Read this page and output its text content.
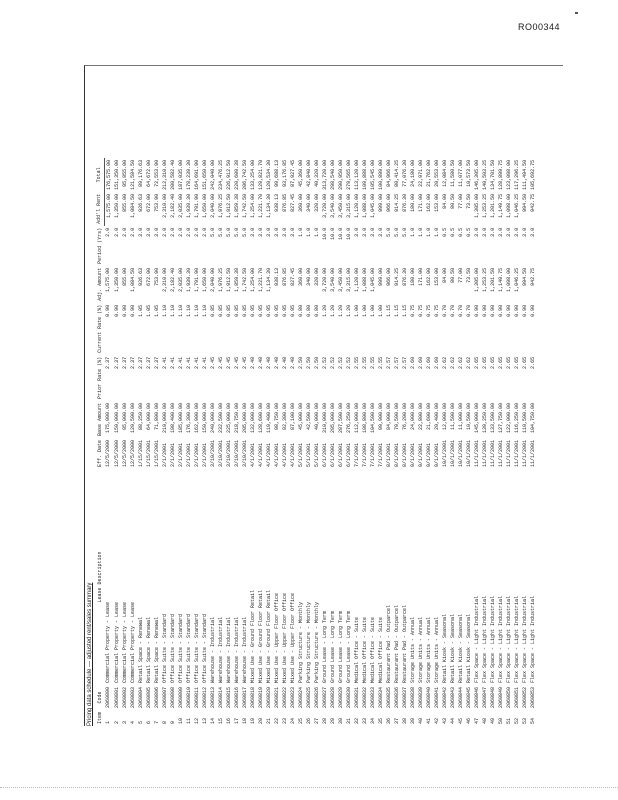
RO00344
Pricing data schedule — adjusted rent/sales summary Item	Code	Lease Description	Eff. Date	Base Amount	Prior Rate (%)	Current Rate (%)	Adj. Amount	Period (Yrs)	Add'l Rent	Total
1	2060800	Commercial Property - Lease	12/5/2000	175,000.00	2.37	0.90	1,575.00	2.0	1,575.00	176,575.00
2	2060801	Commercial Property - Lease	12/5/2000	150,000.00	2.37	0.90	1,350.00	2.0	1,350.00	151,350.00
3	2060802	Commercial Property - Lease	12/5/2000	95,000.00	2.37	0.90	855.00	2.0	855.00	95,855.00
4	2060803	Commercial Property - Lease	12/5/2000	120,500.00	2.37	0.90	1,084.50	2.0	1,084.50	121,584.50
5	2060804	Retail Space - Renewal	1/15/2001	88,250.00	2.37	1.05	926.63	3.0	926.63	89,176.63
6	2060805	Retail Space - Renewal	1/15/2001	64,000.00	2.37	1.05	672.00	3.0	672.00	64,672.00
7	2060806	Retail Space - Renewal	1/15/2001	71,800.00	2.37	1.05	753.90	3.0	753.90	72,553.90
8	2060807	Office Suite - Standard	2/1/2001	210,000.00	2.41	1.10	2,310.00	2.0	2,310.00	212,310.00
9	2060808	Office Suite - Standard	2/1/2001	198,400.00	2.41	1.10	2,182.40	2.0	2,182.40	200,582.40
10	2060809	Office Suite - Standard	2/1/2001	185,000.00	2.41	1.10	2,035.00	2.0	2,035.00	187,035.00
11	2060810	Office Suite - Standard	2/1/2001	176,300.00	2.41	1.10	1,939.30	2.0	1,939.30	178,239.30
12	2060811	Office Suite - Standard	2/1/2001	162,900.00	2.41	1.10	1,791.90	2.0	1,791.90	164,691.90
13	2060812	Office Suite - Standard	2/1/2001	150,000.00	2.41	1.10	1,650.00	2.0	1,650.00	151,650.00
14	2060813	Warehouse - Industrial	3/10/2001	240,000.00	2.45	0.85	2,040.00	5.0	2,040.00	242,040.00
15	2060814	Warehouse - Industrial	3/10/2001	232,500.00	2.45	0.85	1,976.25	5.0	1,976.25	234,476.25
16	2060815	Warehouse - Industrial	3/10/2001	225,000.00	2.45	0.85	1,912.50	5.0	1,912.50	226,912.50
17	2060816	Warehouse - Industrial	3/10/2001	218,750.00	2.45	0.85	1,859.38	5.0	1,859.38	220,609.38
18	2060817	Warehouse - Industrial	3/10/2001	205,000.00	2.45	0.85	1,742.50	5.0	1,742.50	206,742.50
19	2060818	Mixed Use - Ground Floor Retail	4/1/2001	132,000.00	2.48	0.95	1,254.00	3.0	1,254.00	133,254.00
20	2060819	Mixed Use - Ground Floor Retail	4/1/2001	128,600.00	2.48	0.95	1,221.70	3.0	1,221.70	129,821.70
21	2060820	Mixed Use - Ground Floor Retail	4/1/2001	119,400.00	2.48	0.95	1,134.30	3.0	1,134.30	120,534.30
22	2060821	Mixed Use - Upper Floor Office	4/1/2001	98,750.00	2.48	0.95	938.13	3.0	938.13	99,688.13
23	2060822	Mixed Use - Upper Floor Office	4/1/2001	92,300.00	2.48	0.95	876.85	3.0	876.85	93,176.85
24	2060823	Mixed Use - Upper Floor Office	4/1/2001	87,100.00	2.48	0.95	827.45	3.0	827.45	87,927.45
25	2060824	Parking Structure - Monthly	5/1/2001	45,000.00	2.50	0.80	360.00	1.0	360.00	45,360.00
26	2060825	Parking Structure - Monthly	5/1/2001	42,500.00	2.50	0.80	340.00	1.0	340.00	42,840.00
27	2060826	Parking Structure - Monthly	5/1/2001	40,000.00	2.50	0.80	320.00	1.0	320.00	40,320.00
28	2060827	Ground Lease - Long Term	6/1/2001	310,000.00	2.52	1.20	3,720.00	10.0	3,720.00	313,720.00
29	2060828	Ground Lease - Long Term	6/1/2001	295,000.00	2.52	1.20	3,540.00	10.0	3,540.00	298,540.00
30	2060829	Ground Lease - Long Term	6/1/2001	287,500.00	2.52	1.20	3,450.00	10.0	3,450.00	290,950.00
31	2060830	Ground Lease - Long Term	6/1/2001	276,250.00	2.52	1.20	3,315.00	10.0	3,315.00	279,565.00
32	2060831	Medical Office - Suite	7/1/2001	112,000.00	2.55	1.00	1,120.00	3.0	1,120.00	113,120.00
33	2060832	Medical Office - Suite	7/1/2001	108,800.00	2.55	1.00	1,088.00	3.0	1,088.00	109,888.00
34	2060833	Medical Office - Suite	7/1/2001	104,500.00	2.55	1.00	1,045.00	3.0	1,045.00	105,545.00
35	2060834	Medical Office - Suite	7/1/2001	99,900.00	2.55	1.00	999.00	3.0	999.00	100,899.00
36	2060835	Restaurant Pad - Outparcel	8/1/2001	84,000.00	2.57	1.15	966.00	5.0	966.00	84,966.00
37	2060836	Restaurant Pad - Outparcel	8/1/2001	79,500.00	2.57	1.15	914.25	5.0	914.25	80,414.25
38	2060837	Restaurant Pad - Outparcel	8/1/2001	76,200.00	2.57	1.15	876.30	5.0	876.30	77,076.30
39	2060838	Storage Units - Annual	9/1/2001	24,000.00	2.60	0.75	180.00	1.0	180.00	24,180.00
40	2060839	Storage Units - Annual	9/1/2001	22,800.00	2.60	0.75	171.00	1.0	171.00	22,971.00
41	2060840	Storage Units - Annual	9/1/2001	21,600.00	2.60	0.75	162.00	1.0	162.00	21,762.00
42	2060841	Storage Units - Annual	9/1/2001	20,400.00	2.60	0.75	153.00	1.0	153.00	20,553.00
43	2060842	Retail Kiosk - Seasonal	10/1/2001	12,000.00	2.62	0.70	84.00	0.5	84.00	12,084.00
44	2060843	Retail Kiosk - Seasonal	10/1/2001	11,500.00	2.62	0.70	80.50	0.5	80.50	11,580.50
45	2060844	Retail Kiosk - Seasonal	10/1/2001	11,000.00	2.62	0.70	77.00	0.5	77.00	11,077.00
46	2060845	Retail Kiosk - Seasonal	10/1/2001	10,500.00	2.62	0.70	73.50	0.5	73.50	10,573.50
47	2060846	Flex Space - Light Industrial	11/1/2001	145,000.00	2.65	0.90	1,305.00	3.0	1,305.00	146,305.00
48	2060847	Flex Space - Light Industrial	11/1/2001	139,250.00	2.65	0.90	1,253.25	3.0	1,253.25	140,503.25
49	2060848	Flex Space - Light Industrial	11/1/2001	133,500.00	2.65	0.90	1,201.50	3.0	1,201.50	134,701.50
50	2060849	Flex Space - Light Industrial	11/1/2001	127,750.00	2.65	0.90	1,149.75	3.0	1,149.75	128,899.75
51	2060850	Flex Space - Light Industrial	11/1/2001	122,000.00	2.65	0.90	1,098.00	3.0	1,098.00	123,098.00
52	2060851	Flex Space - Light Industrial	11/1/2001	116,250.00	2.65	0.90	1,046.25	3.0	1,046.25	117,296.25
53	2060852	Flex Space - Light Industrial	11/1/2001	110,500.00	2.65	0.90	994.50	3.0	994.50	111,494.50
54	2060853	Flex Space - Light Industrial	11/1/2001	104,750.00	2.65	0.90	942.75	3.0	942.75	105,692.75
